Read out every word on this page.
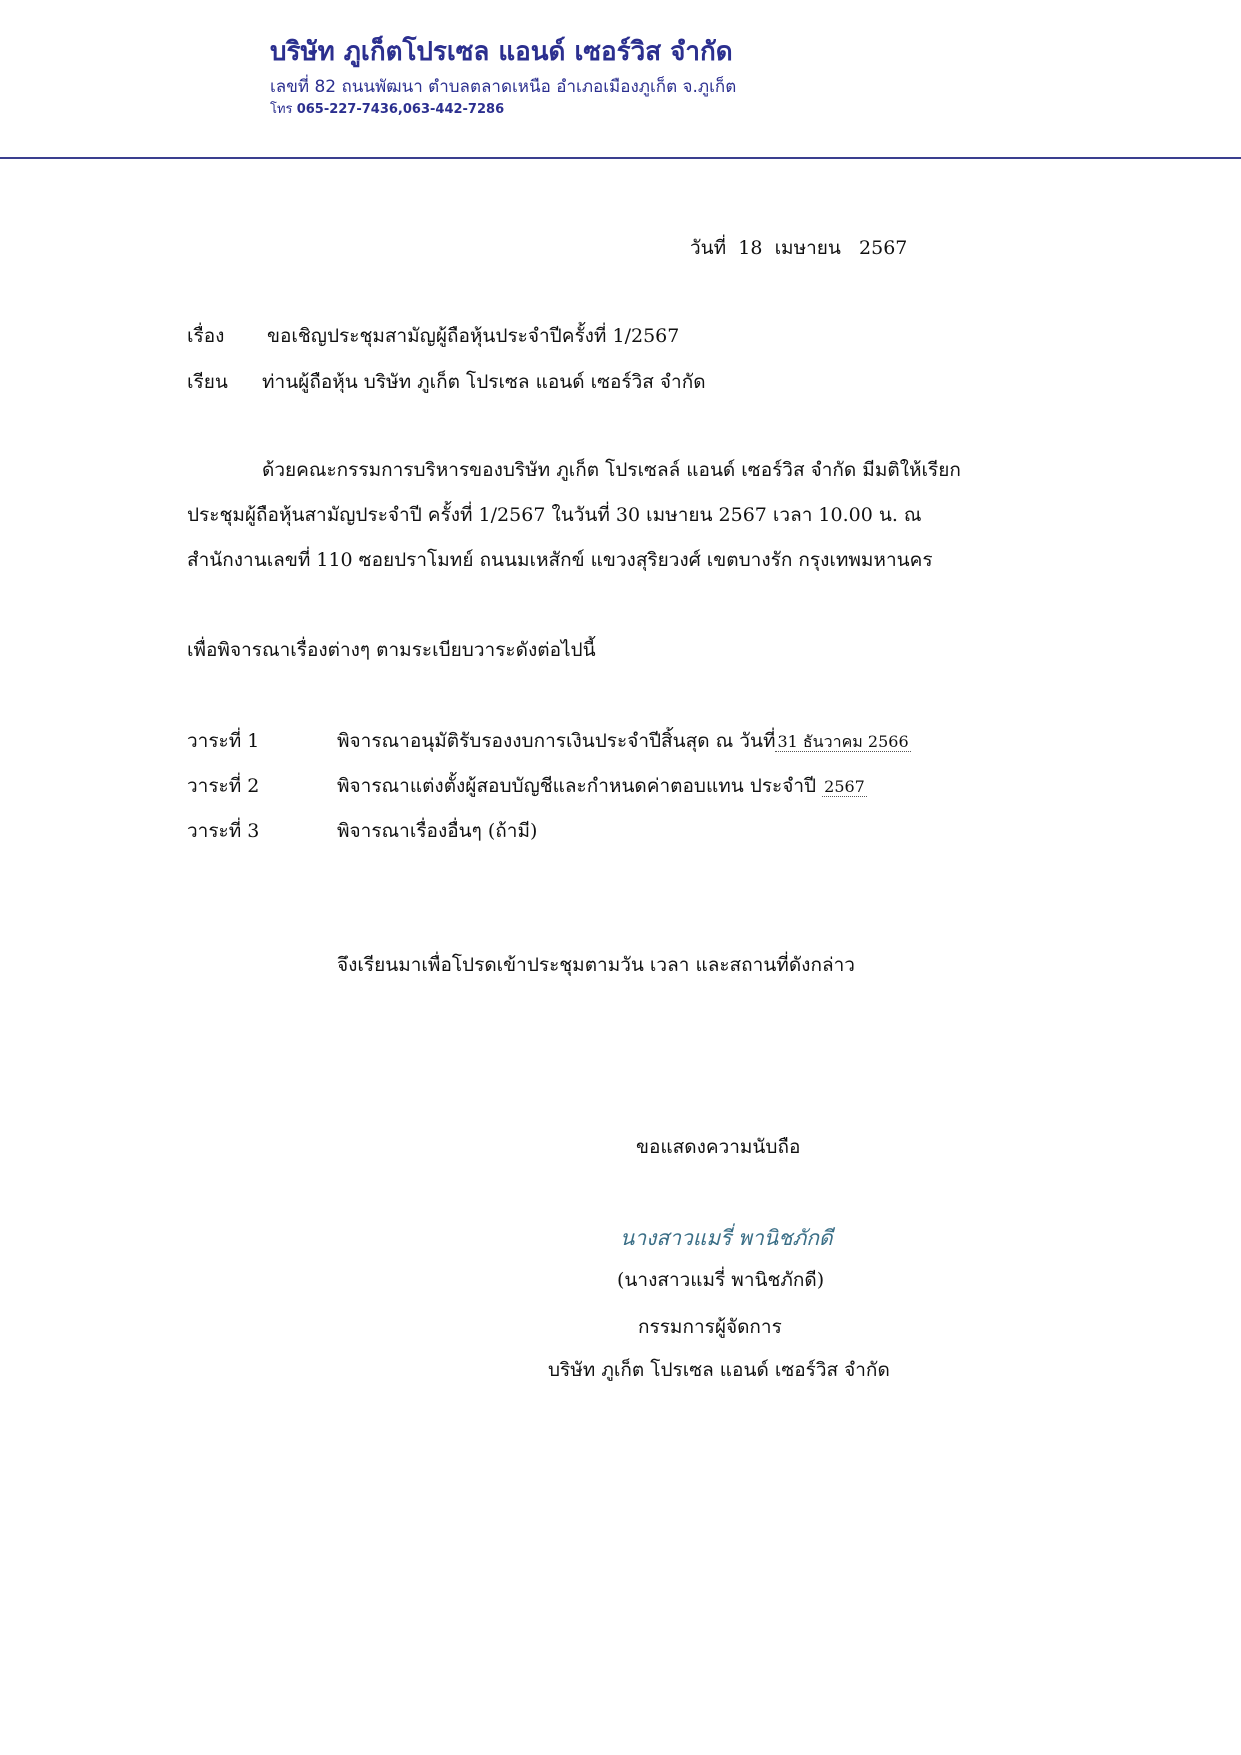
บริษัท ภูเก็ตโปรเซล แอนด์ เซอร์วิส จำกัด
เลขที่ 82 ถนนพัฒนา ตำบลตลาดเหนือ อำเภอเมืองภูเก็ต จ.ภูเก็ต
โทร 065-227-7436,063-442-7286
วันที่ 18 เมษายน 2567
เรื่อง ขอเชิญประชุมสามัญผู้ถือหุ้นประจำปีครั้งที่ 1/2567
เรียน ท่านผู้ถือหุ้น บริษัท ภูเก็ต โปรเซล แอนด์ เซอร์วิส จำกัด
ด้วยคณะกรรมการบริหารของบริษัท ภูเก็ต โปรเซลล์ แอนด์ เซอร์วิส จำกัด มีมติให้เรียก
ประชุมผู้ถือหุ้นสามัญประจำปี ครั้งที่ 1/2567 ในวันที่ 30 เมษายน 2567 เวลา 10.00 น. ณ
สำนักงานเลขที่ 110 ซอยปราโมทย์ ถนนมเหสักข์ แขวงสุริยวงศ์ เขตบางรัก กรุงเทพมหานคร
เพื่อพิจารณาเรื่องต่างๆ ตามระเบียบวาระดังต่อไปนี้
วาระที่ 1	พิจารณาอนุมัติรับรองงบการเงินประจำปีสิ้นสุด ณ วันที่ 31 ธันวาคม 2566
วาระที่ 2	พิจารณาแต่งตั้งผู้สอบบัญชีและกำหนดค่าตอบแทน ประจำปี 2567
วาระที่ 3	พิจารณาเรื่องอื่นๆ (ถ้ามี)
จึงเรียนมาเพื่อโปรดเข้าประชุมตามวัน เวลา และสถานที่ดังกล่าว
ขอแสดงความนับถือ
นางสาวแมรี่ พานิชภักดี
(นางสาวแมรี่ พานิชภักดี)
กรรมการผู้จัดการ
บริษัท ภูเก็ต โปรเซล แอนด์ เซอร์วิส จำกัด
